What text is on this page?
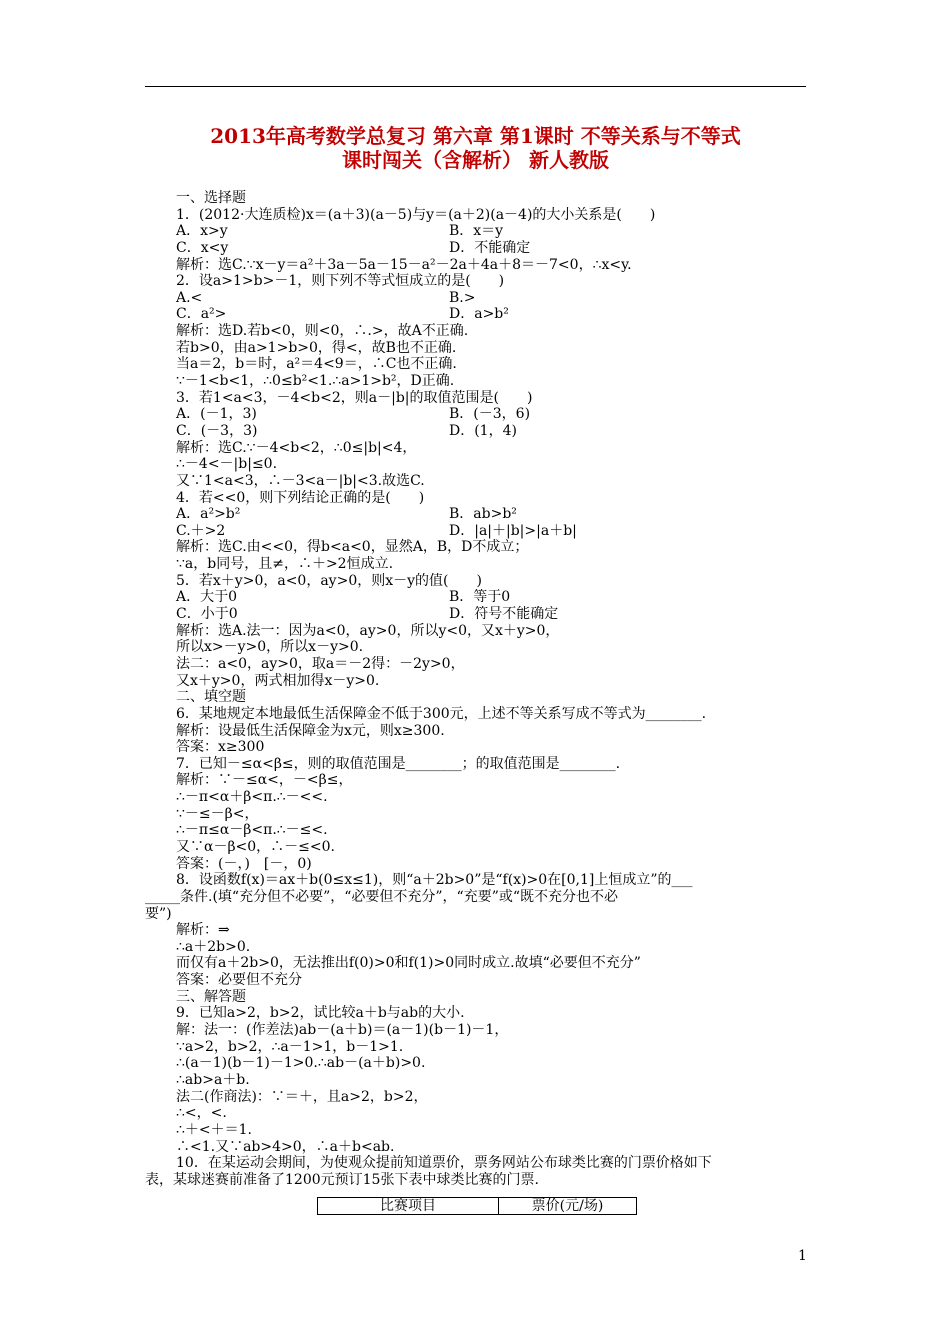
2013年高考数学总复习 第六章 第1课时 不等关系与不等式
课时闯关（含解析） 新人教版
一、选择题
1．(2012·大连质检)x＝(a＋3)(a－5)与y＝(a＋2)(a－4)的大小关系是(　　)
A．x>y	B．x＝y
C．x<y	D．不能确定
解析：选C.∵x－y＝a²＋3a－5a－15－a²－2a＋4a＋8＝－7<0，∴x<y.
2．设a>1>b>－1，则下列不等式恒成立的是(　　)
A.<	B.>
C．a²>	D．a>b²
解析：选D.若b<0，则<0，∴.>，故A不正确.
若b>0，由a>1>b>0，得<，故B也不正确.
当a＝2，b＝时，a²＝4<9＝，∴C也不正确.
∵－1<b<1，∴0≤b²<1.∴a>1>b²，D正确.
3．若1<a<3，－4<b<2，则a－|b|的取值范围是(　　)
A．(－1，3)	B．(－3，6)
C．(－3，3)	D．(1，4)
解析：选C.∵－4<b<2，∴0≤|b|<4，
∴－4<－|b|≤0.
又∵1<a<3，∴－3<a－|b|<3.故选C.
4．若<<0，则下列结论正确的是(　　)
A．a²>b²	B．ab>b²
C.＋>2	D．|a|＋|b|>|a＋b|
解析：选C.由<<0，得b<a<0，显然A，B，D不成立；
∵a，b同号，且≠，∴＋>2恒成立.
5．若x＋y>0，a<0，ay>0，则x－y的值(　　)
A．大于0	B．等于0
C．小于0	D．符号不能确定
解析：选A.法一：因为a<0，ay>0，所以y<0，又x＋y>0，
所以x>－y>0，所以x－y>0.
法二：a<0，ay>0，取a＝－2得：－2y>0，
又x＋y>0，两式相加得x－y>0.
二、填空题
6．某地规定本地最低生活保障金不低于300元，上述不等关系写成不等式为________.
解析：设最低生活保障金为x元，则x≥300.
答案：x≥300
7．已知－≤α<β≤，则的取值范围是________；的取值范围是________.
解析：∵－≤α<，－<β≤，
∴－π<α＋β<π.∴－<<.
∵－≤－β<，
∴－π≤α－β<π.∴－≤<.
又∵α－β<0，∴－≤<0.
答案：(－，)　[－，0)
8．设函数f(x)＝ax＋b(0≤x≤1)，则“a＋2b>0”是“f(x)>0在[0,1]上恒成立”的___
_____条件.(填“充分但不必要”，“必要但不充分”，“充要”或“既不充分也不必
要”)
解析：⇒
∴a＋2b>0.
而仅有a＋2b>0，无法推出f(0)>0和f(1)>0同时成立.故填“必要但不充分”
答案：必要但不充分
三、解答题
9．已知a>2，b>2，试比较a＋b与ab的大小.
解：法一：(作差法)ab－(a＋b)＝(a－1)(b－1)－1，
∵a>2，b>2，∴a－1>1，b－1>1.
∴(a－1)(b－1)－1>0.∴ab－(a＋b)>0.
∴ab>a＋b.
法二(作商法)：∵＝＋，且a>2，b>2，
∴<，<.
∴＋<＋＝1.
∴<1.又∵ab>4>0，∴a＋b<ab.
10．在某运动会期间，为使观众提前知道票价，票务网站公布球类比赛的门票价格如下
表，某球迷赛前准备了1200元预订15张下表中球类比赛的门票.
比赛项目	票价(元/场)
1
